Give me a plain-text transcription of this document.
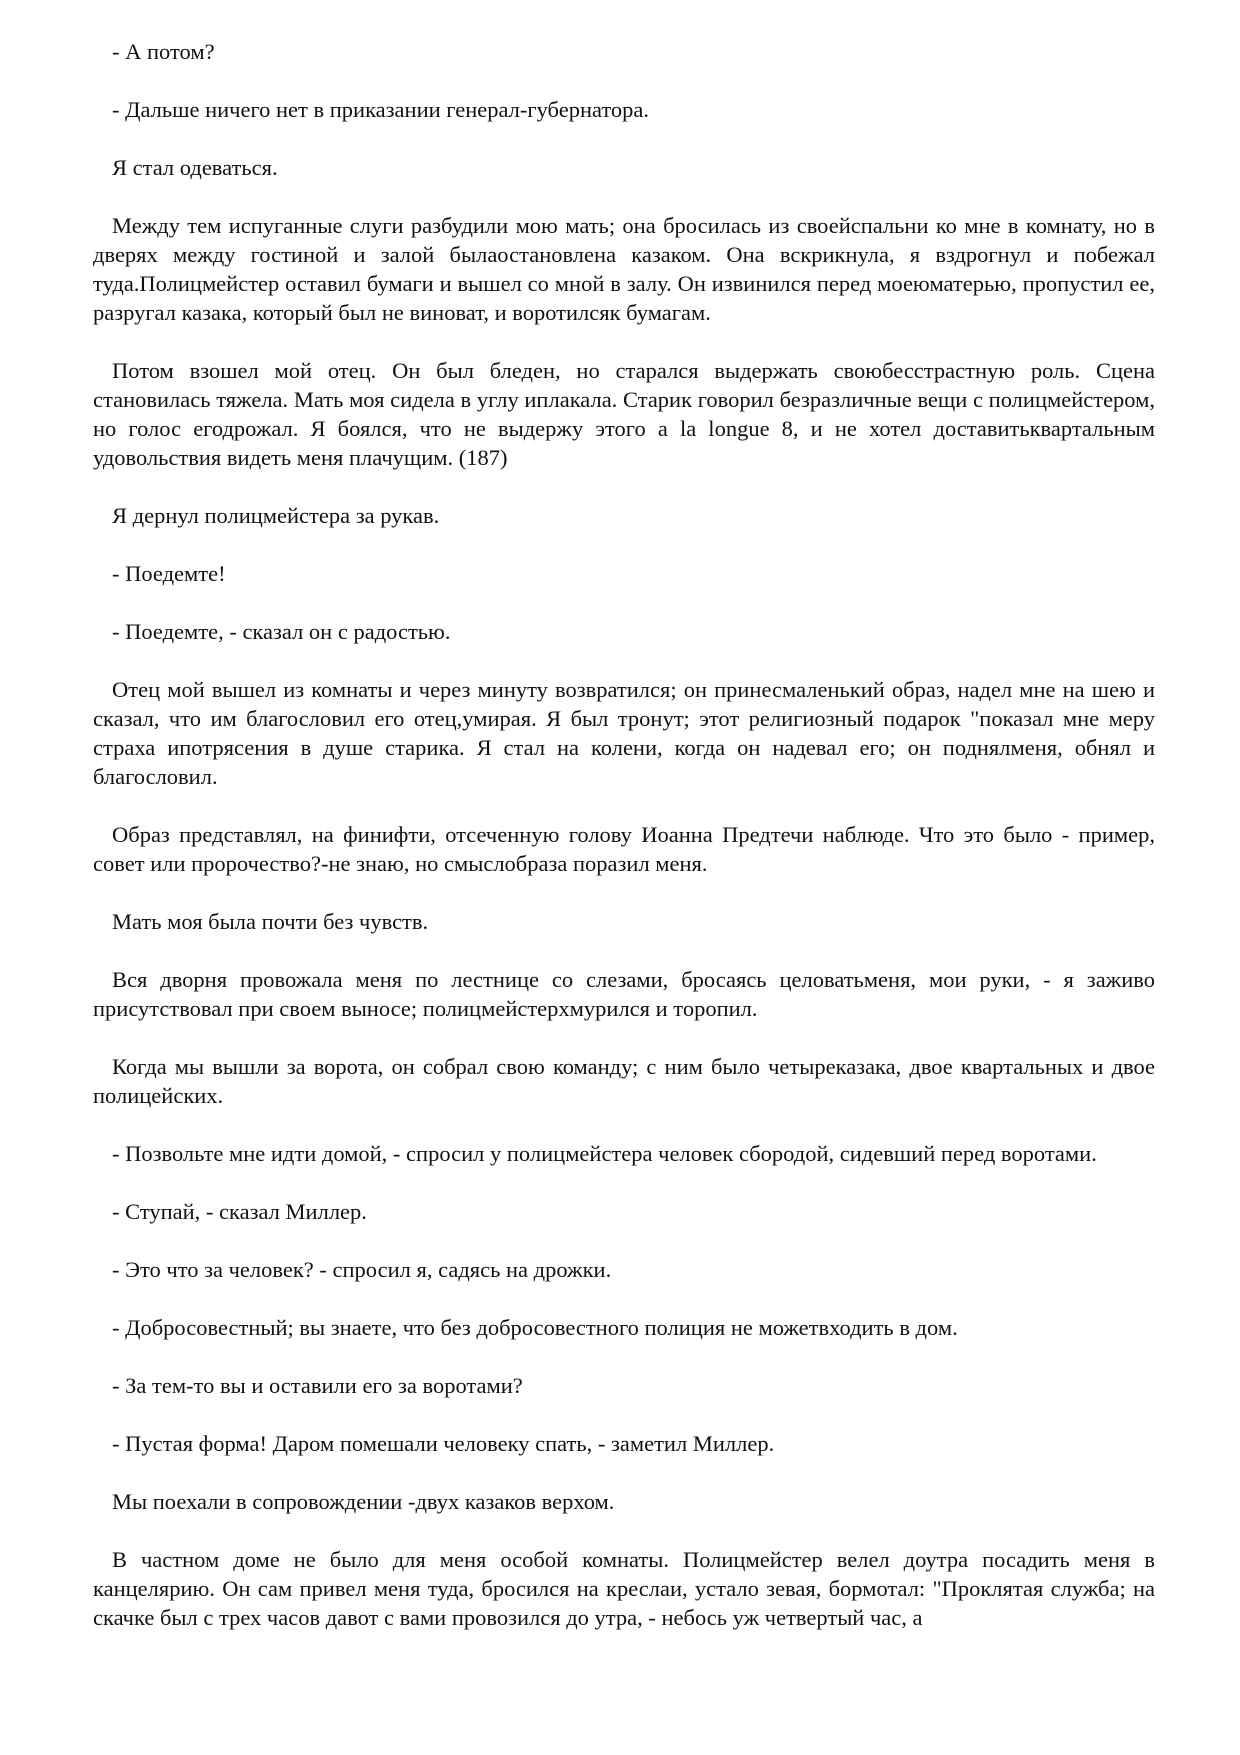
- А потом?

- Дальше ничего нет в приказании генерал-губернатора.

Я стал одеваться.

Между тем испуганные слуги разбудили мою мать; она бросилась из своейспальни ко мне в комнату, но в дверях между гостиной и залой былаостановлена казаком. Она вскрикнула, я вздрогнул и побежал туда.Полицмейстер оставил бумаги и вышел со мной в залу. Он извинился перед моеюматерью, пропустил ее, разругал казака, который был не виноват, и воротилсяк бумагам.

Потом взошел мой отец. Он был бледен, но старался выдержать своюбесстрастную роль. Сцена становилась тяжела. Мать моя сидела в углу иплакала. Старик говорил безразличные вещи с полицмейстером, но голос егодрожал. Я боялся, что не выдержу этого a la longue 8, и не хотел доставитьквартальным удовольствия видеть меня плачущим. (187)

Я дернул полицмейстера за рукав.

- Поедемте!

- Поедемте, - сказал он с радостью.

Отец мой вышел из комнаты и через минуту возвратился; он принесмаленький образ, надел мне на шею и сказал, что им благословил его отец,умирая. Я был тронут; этот религиозный подарок "показал мне меру страха ипотрясения в душе старика. Я стал на колени, когда он надевал его; он поднялменя, обнял и благословил.

Образ представлял, на финифти, отсеченную голову Иоанна Предтечи наблюде. Что это было - пример, совет или пророчество?-не знаю, но смыслобраза поразил меня.

Мать моя была почти без чувств.

Вся дворня провожала меня по лестнице со слезами, бросаясь целоватьменя, мои руки, - я заживо присутствовал при своем выносе; полицмейстерхмурился и торопил.

Когда мы вышли за ворота, он собрал свою команду; с ним было четыреказака, двое квартальных и двое полицейских.

- Позвольте мне идти домой, - спросил у полицмейстера человек сбородой, сидевший перед воротами.

- Ступай, - сказал Миллер.

- Это что за человек? - спросил я, садясь на дрожки.

- Добросовестный; вы знаете, что без добросовестного полиция не можетвходить в дом.

- За тем-то вы и оставили его за воротами?

- Пустая форма! Даром помешали человеку спать, - заметил Миллер.

Мы поехали в сопровождении -двух казаков верхом.

В частном доме не было для меня особой комнаты. Полицмейстер велел доутра посадить меня в канцелярию. Он сам привел меня туда, бросился на креслаи, устало зевая, бормотал: "Проклятая служба; на скачке был с трех часов давот с вами провозился до утра, - небось уж четвертый час, а
